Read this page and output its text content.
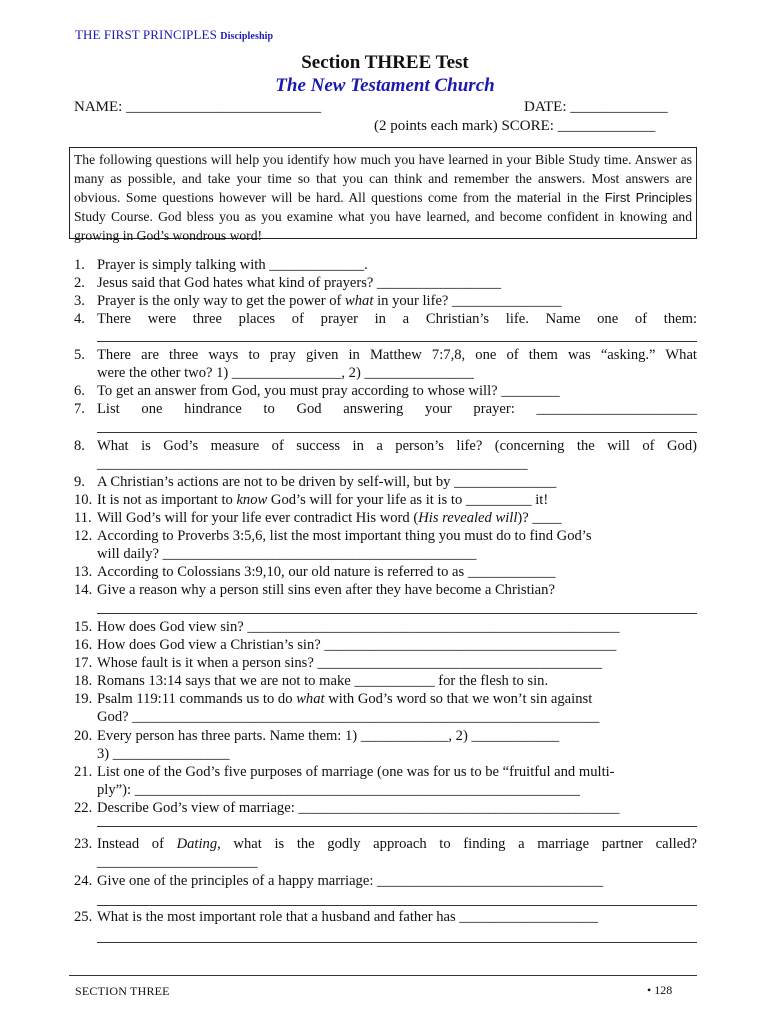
THE FIRST PRINCIPLES Discipleship
Section THREE Test
The New Testament Church
NAME: __________________________	DATE: _____________
(2 points each mark) SCORE: _____________
The following questions will help you identify how much you have learned in your Bible Study time. Answer as many as possible, and take your time so that you can think and remember the answers. Most answers are obvious. Some questions however will be hard. All questions come from the material in the First Principles Study Course. God bless you as you examine what you have learned, and become confident in knowing and growing in God’s wondrous word!
1. Prayer is simply talking with _____________.
2. Jesus said that God hates what kind of prayers? _________________
3. Prayer is the only way to get the power of what in your life? _______________
4. There were three places of prayer in a Christian’s life. Name one of them:
5. There are three ways to pray given in Matthew 7:7,8, one of them was “asking.” What
were the other two? 1) _______________, 2) _______________
6. To get an answer from God, you must pray according to whose will? ________
7. List one hindrance to God answering your prayer: ______________________
8. What is God’s measure of success in a person’s life? (concerning the will of God)
___________________________________________________________
9. A Christian’s actions are not to be driven by self-will, but by ______________
10. It is not as important to know God’s will for your life as it is to _________ it!
11. Will God’s will for your life ever contradict His word (His revealed will)? ____
12. According to Proverbs 3:5,6, list the most important thing you must do to find God’s
will daily? ___________________________________________
13. According to Colossians 3:9,10, our old nature is referred to as ____________
14. Give a reason why a person still sins even after they have become a Christian?
15. How does God view sin? ___________________________________________________
16. How does God view a Christian’s sin? ________________________________________
17. Whose fault is it when a person sins? _______________________________________
18. Romans 13:14 says that we are not to make ___________ for the flesh to sin.
19. Psalm 119:11 commands us to do what with God’s word so that we won’t sin against
God? ________________________________________________________________
20. Every person has three parts. Name them: 1) ____________, 2) ____________
3) ________________
21. List one of the God’s five purposes of marriage (one was for us to be “fruitful and multi-
ply”): _____________________________________________________________
22. Describe God’s view of marriage: ____________________________________________
23. Instead of Dating, what is the godly approach to finding a marriage partner called?
______________________
24. Give one of the principles of a happy marriage: _______________________________
25. What is the most important role that a husband and father has ___________________
SECTION THREE	• 128
